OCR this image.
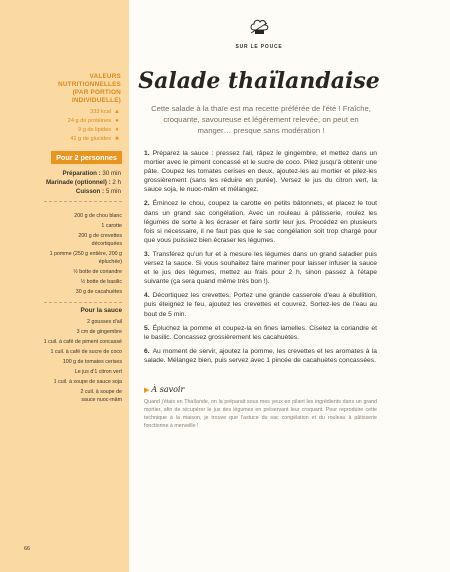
VALEURS
NUTRITIONNELLES
(PAR PORTION
INDIVIDUELLE)
333 kcal ▲
24 g de protéines ●
9 g de lipides ♦
41 g de glucides ♣
Pour 2 personnes
Préparation : 30 min
Marinade (optionnel) : 2 h
Cuisson : 5 min
200 g de chou blanc
1 carotte
200 g de crevettes décortiquées
1 pomme (250 g entière, 200 g épluchée)
½ botte de coriandre
½ botte de basilic
30 g de cacahuètes
Pour la sauce
2 gousses d'ail
3 cm de gingembre
1 cuil. à café de piment concassé
1 cuil. à café de sucre de coco
100 g de tomates cerises
Le jus d'1 citron vert
1 cuil. à soupe de sauce soja
2 cuil. à soupe de sauce nuoc-mâm
66
SUR LE POUCE
Salade thaïlandaise
Cette salade à la thaïe est ma recette préférée de l'été ! Fraîche, croquante, savoureuse et légèrement relevée, on peut en manger… presque sans modération !
1. Préparez la sauce : pressez l'ail, râpez le gingembre, et mettez dans un mortier avec le piment concassé et le sucre de coco. Pilez jusqu'à obtenir une pâte. Coupez les tomates cerises en deux, ajoutez-les au mortier et pilez-les grossièrement (sans les réduire en purée). Versez le jus du citron vert, la sauce soja, le nuoc-mâm et mélangez.
2. Émincez le chou, coupez la carotte en petits bâtonnets, et placez le tout dans un grand sac congélation. Avec un rouleau à pâtisserie, roulez les légumes de sorte à les écraser et faire sortir leur jus. Procédez en plusieurs fois si nécessaire, il ne faut pas que le sac congélation soit trop chargé pour que vous puissiez bien écraser les légumes.
3. Transférez qu'un fur et à mesure les légumes dans un grand saladier puis versez la sauce. Si vous souhaitez faire mariner pour laisser infuser la sauce et le jus des légumes, mettez au frais pour 2 h, sinon passez à l'étape suivante (ça sera quand même très bon !).
4. Décortiquez les crevettes. Portez une grande casserole d'eau à ébullition, puis éteignez le feu, ajoutez les crevettes et couvrez. Sortez-les de l'eau au bout de 5 min.
5. Épluchez la pomme et coupez-la en fines lamelles. Ciselez la coriandre et le basilic. Concassez grossièrement les cacahuètes.
6. Au moment de servir, ajoutez la pomme, les crevettes et les aromates à la salade. Mélangez bien, puis servez avec 1 pincée de cacahuètes concassées.
▶ À savoir
Quand j'étais en Thaïlande, on la préparait sous mes yeux en pilant les ingrédients dans un grand mortier, afin de récupérer le jus des légumes en préservant leur croquant. Pour reproduire cette technique à la maison, je trouve que l'astuce du sac congélation et du rouleau à pâtisserie fonctionne à merveille !
